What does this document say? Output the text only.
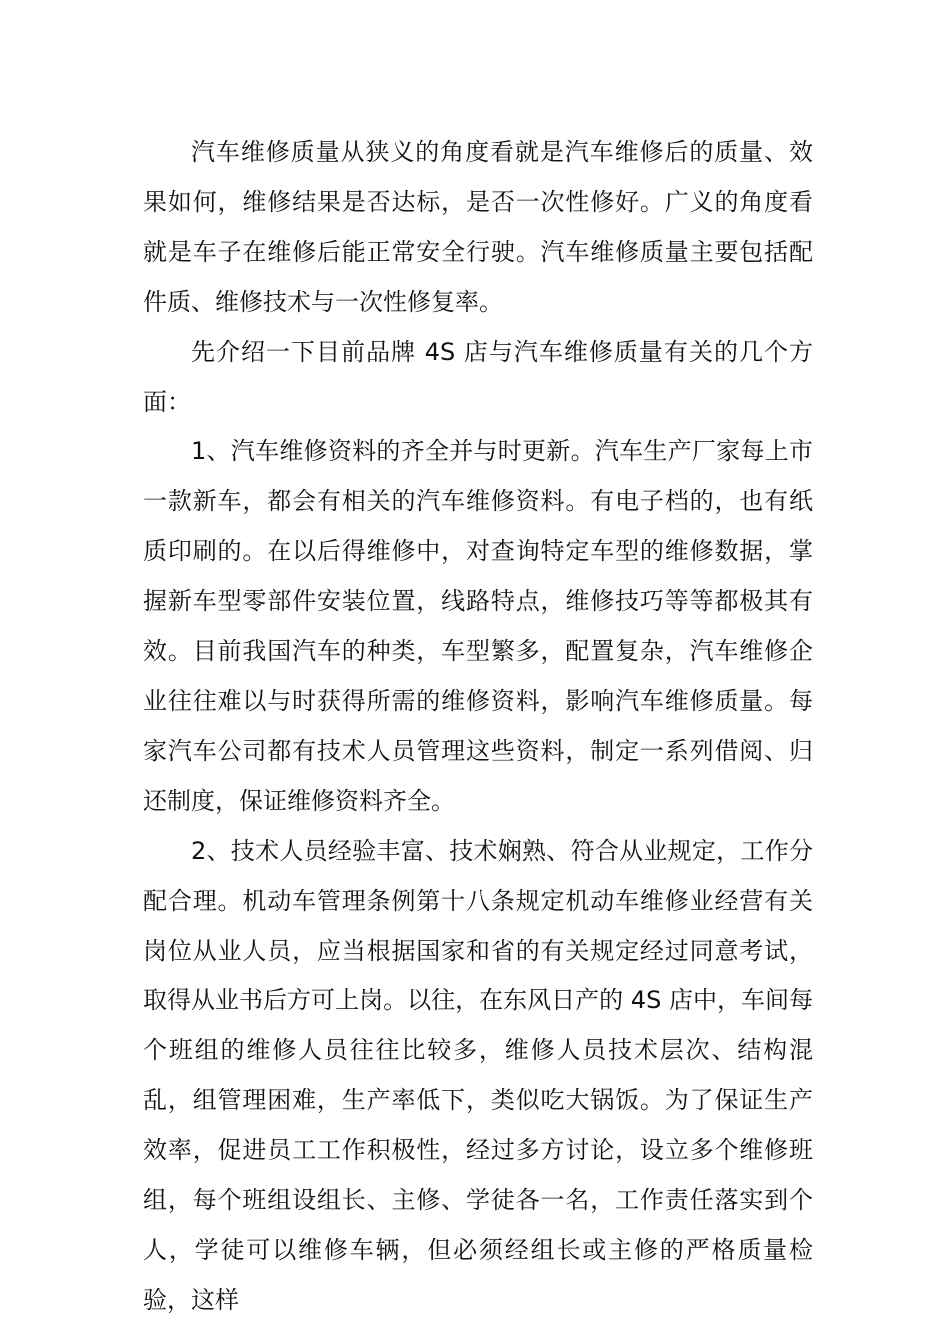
汽车维修质量从狭义的角度看就是汽车维修后的质量、效果如何，维修结果是否达标，是否一次性修好。广义的角度看就是车子在维修后能正常安全行驶。汽车维修质量主要包括配件质、维修技术与一次性修复率。

先介绍一下目前品牌 4S 店与汽车维修质量有关的几个方面：

1、汽车维修资料的齐全并与时更新。汽车生产厂家每上市一款新车，都会有相关的汽车维修资料。有电子档的，也有纸质印刷的。在以后得维修中，对查询特定车型的维修数据，掌握新车型零部件安装位置，线路特点，维修技巧等等都极其有效。目前我国汽车的种类，车型繁多，配置复杂，汽车维修企业往往难以与时获得所需的维修资料，影响汽车维修质量。每家汽车公司都有技术人员管理这些资料，制定一系列借阅、归还制度，保证维修资料齐全。

2、技术人员经验丰富、技术娴熟、符合从业规定，工作分配合理。机动车管理条例第十八条规定机动车维修业经营有关岗位从业人员，应当根据国家和省的有关规定经过同意考试，取得从业书后方可上岗。以往，在东风日产的 4S 店中，车间每个班组的维修人员往往比较多，维修人员技术层次、结构混乱，组管理困难，生产率低下，类似吃大锅饭。为了保证生产效率，促进员工工作积极性，经过多方讨论，设立多个维修班组，每个班组设组长、主修、学徒各一名，工作责任落实到个人，学徒可以维修车辆，但必须经组长或主修的严格质量检验，这样
